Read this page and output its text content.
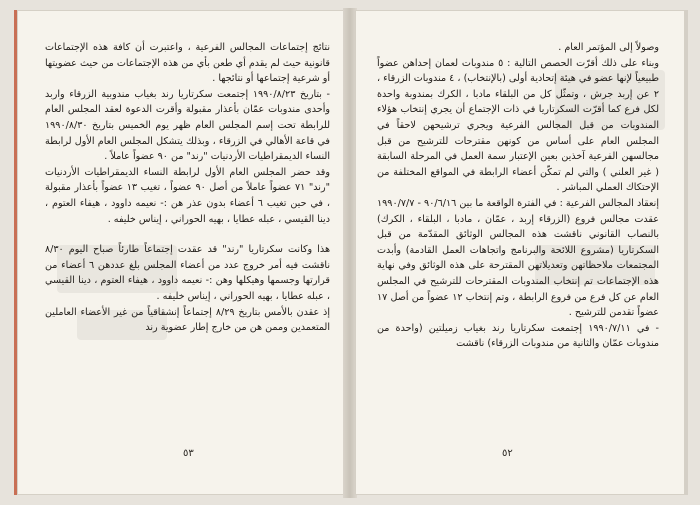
نتائج إجتماعات المجالس الفرعية ، واعتبرت أن كافة هذه الإجتماعات قانونية حيث لم يقدم أي طعن بأي من هذه الإجتماعات من حيث عضويتها أو شرعية إجتماعها أو نتائجها .

- بتاريخ ١٩٩٠/٨/٢٣ إجتمعت سكرتاريا رند بغياب مندوبية الزرقاء واربد وأحدى مندوبات عمّان بأعذار مقبولة وأقرت الدعوة لعقد المجلس العام للرابطة تحت إسم المجلس العام ظهر يوم الخميس بتاريخ ١٩٩٠/٨/٣٠ في قاعة الأهالي في الزرقاء ، وبذلك يتشكل المجلس العام الأول لرابطة النساء الديمقراطيات الأردنيات "رند" من ٩٠ عضواً عاملاً .

وقد حضر المجلس العام الأول لرابطة النساء الديمقراطيات الأردنيات "رند" ٧١ عضواً عاملاً من أصل ٩٠ عضواً ، تغيب ١٣ عضواً بأعذار مقبولة ، في حين تغيب ٦ أعضاء بدون عذر هن :- نعيمه داوود ، هيفاء العتوم ، دينا القيسي ، عبله عطايا ، بهيه الحوراني ، إيناس خليفه .

هذا وكانت سكرتاريا "رند" قد عقدت إجتماعاً طارئاً صباح اليوم ٨/٣٠ ناقشت فيه أمر خروج عدد من أعضاء المجلس بلغ عددهن ٦ أعضاء من قرارتها وجسمها وهيكلها وهن :- نعيمه داوود ، هيفاء العتوم ، دينا القيسي ، عبله عطايا ، بهيه الحوراني ، إيناس خليفه .

إذ عقدن بالأمس بتاريخ ٨/٢٩ إجتماعاً إنشقاقياً من غير الأعضاء العاملين المتعمدين وممن هن من خارج إطار عضوية رند

٥٣

وصولاً إلى المؤتمر العام .

وبناء على ذلك أقرّت الحصص التالية : ٥ مندوبات لعمان إحداهن عضواً طبيعياً لإنها عضو في هيئة إتحادية أولى (بالإنتخاب) ، ٤ مندوبات الزرقاء ، ٢ عن إربد جرش ، وتمثّل كل من البلقاء مادبا ، الكرك بمندوبة واحدة لكل فرع كما أقرّت السكرتاريا في ذات الإجتماع أن يجري إنتخاب هؤلاء المندوبات من قبل المجالس الفرعية ويجري ترشيحهن لاحقاً في المجلس العام على أساس من كونهن مقترحات للترشيح من قبل مجالسهن الفرعية آخذين بعين الإعتبار سمة العمل في المرحلة السابقة ( غير العلني ) والتي لم تمكّن أعضاء الرابطة في المواقع المختلفة من الإحتكاك العملي المباشر .

إنعقاد المجالس الفرعية : في الفترة الواقعة ما بين ٩٠/٦/١٦ - ١٩٩٠/٧/٧ عقدت مجالس فروع (الزرقاء إربد ، عمّان ، مادبا ، البلقاء ، الكرك) بالنصاب القانوني ناقشت هذه المجالس الوثائق المقدّمة من قبل السكرتاريا (مشروع اللائحة والبرنامج واتجاهات العمل القادمة) وأبدت المجتمعات ملاحظاتهن وتعديلاتهن المقترحة على هذه الوثائق وفي نهاية هذه الإجتماعات تم إنتخاب المندوبات المقترحات للترشيح في المجلس العام عن كل فرع من فروع الرابطة ، وتم إنتخاب ١٢ عضواً من أصل ١٧ عضواً تقدمن للترشيح .

- في ١٩٩٠/٧/١١ إجتمعت سكرتاريا رند بغياب زميلتين (واحدة من مندوبات عمّان والثانية من مندوبات الزرقاء) ناقشت

٥٢
